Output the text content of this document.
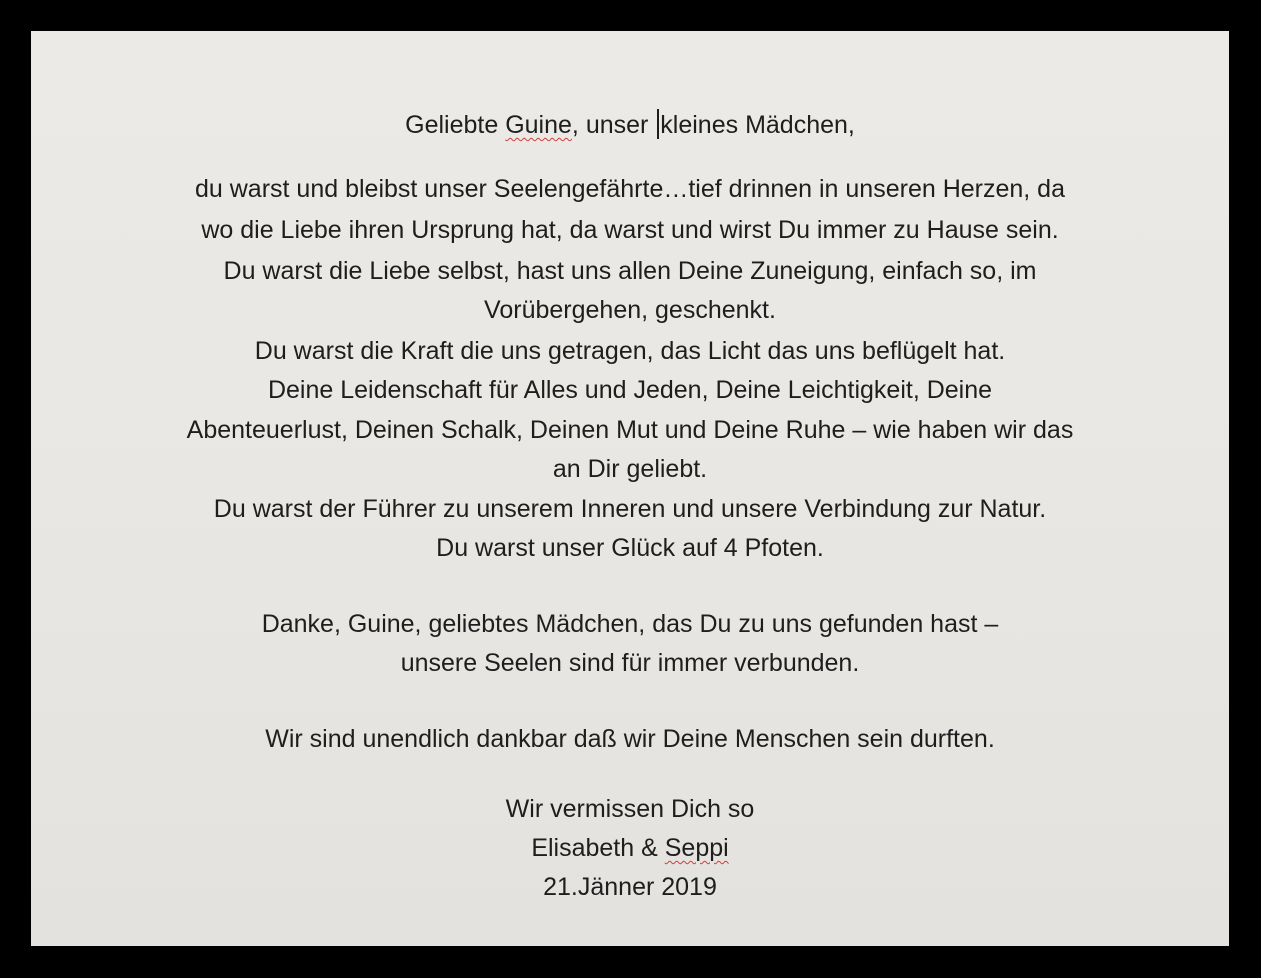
Geliebte Guine, unser kleines Mädchen,
du warst und bleibst unser Seelengefährte…tief drinnen in unseren Herzen, da
wo die Liebe ihren Ursprung hat, da warst und wirst Du immer zu Hause sein.
Du warst die Liebe selbst, hast uns allen Deine Zuneigung, einfach so, im
Vorübergehen, geschenkt.
Du warst die Kraft die uns getragen, das Licht das uns beflügelt hat.
Deine Leidenschaft für Alles und Jeden, Deine Leichtigkeit, Deine
Abenteuerlust, Deinen Schalk, Deinen Mut und Deine Ruhe – wie haben wir das
an Dir geliebt.
Du warst der Führer zu unserem Inneren und unsere Verbindung zur Natur.
Du warst unser Glück auf 4 Pfoten.
Danke, Guine, geliebtes Mädchen, das Du zu uns gefunden hast –
unsere Seelen sind für immer verbunden.
Wir sind unendlich dankbar daß wir Deine Menschen sein durften.
Wir vermissen Dich so
Elisabeth & Seppi
21.Jänner 2019
